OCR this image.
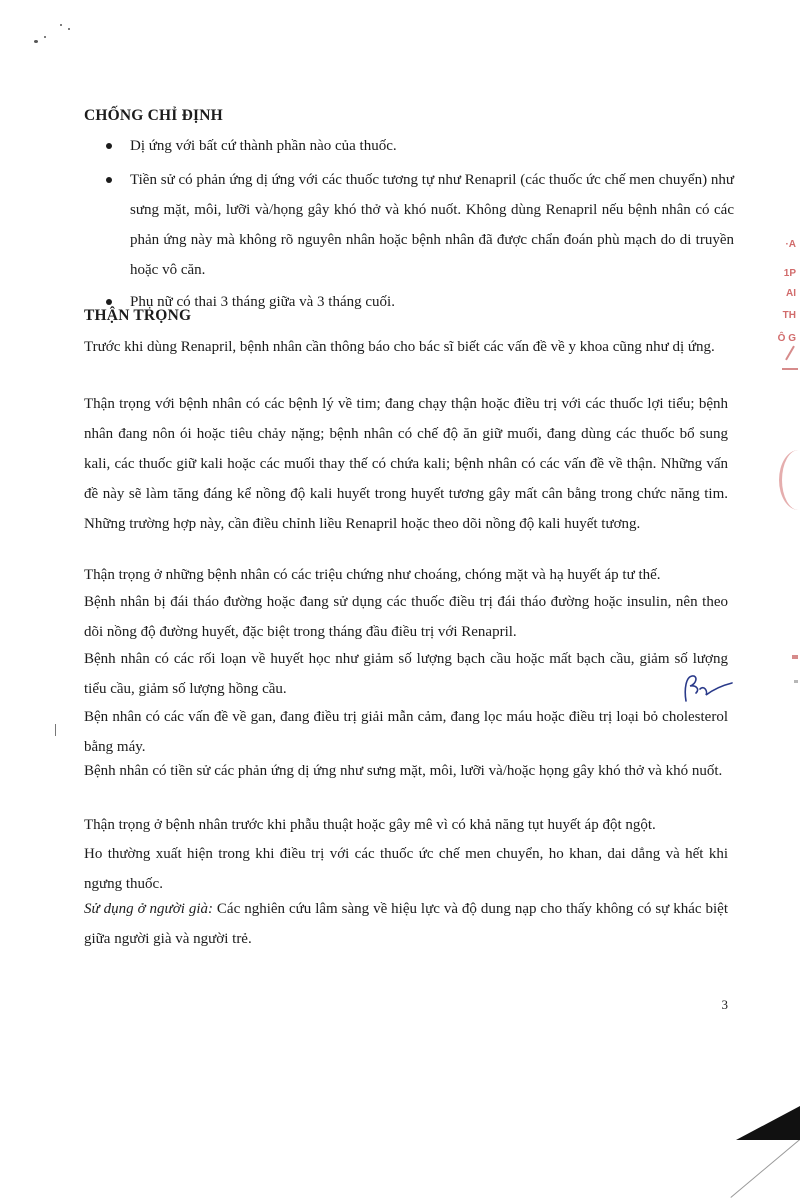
CHỐNG CHỈ ĐỊNH
Dị ứng với bất cứ thành phần nào của thuốc.
Tiền sử có phản ứng dị ứng với các thuốc tương tự như Renapril (các thuốc ức chế men chuyển) như sưng mặt, môi, lưỡi và/họng gây khó thở và khó nuốt. Không dùng Renapril nếu bệnh nhân có các phản ứng này mà không rõ nguyên nhân hoặc bệnh nhân đã được chẩn đoán phù mạch do di truyền hoặc vô căn.
Phụ nữ có thai 3 tháng giữa và 3 tháng cuối.
THẬN TRỌNG

Trước khi dùng Renapril, bệnh nhân cần thông báo cho bác sĩ biết các vấn đề về y khoa cũng như dị ứng.

Thận trọng với bệnh nhân có các bệnh lý về tim; đang chạy thận hoặc điều trị với các thuốc lợi tiểu; bệnh nhân đang nôn ói hoặc tiêu chảy nặng; bệnh nhân có chế độ ăn giữ muối, đang dùng các thuốc bổ sung kali, các thuốc giữ kali hoặc các muối thay thế có chứa kali; bệnh nhân có các vấn đề về thận. Những vấn đề này sẽ làm tăng đáng kể nồng độ kali huyết trong huyết tương gây mất cân bằng trong chức năng tim. Những trường hợp này, cần điều chỉnh liều Renapril hoặc theo dõi nồng độ kali huyết tương.

Thận trọng ở những bệnh nhân có các triệu chứng như choáng, chóng mặt và hạ huyết áp tư thế.

Bệnh nhân bị đái tháo đường hoặc đang sử dụng các thuốc điều trị đái tháo đường hoặc insulin, nên theo dõi nồng độ đường huyết, đặc biệt trong tháng đầu điều trị với Renapril.

Bệnh nhân có các rối loạn về huyết học như giảm số lượng bạch cầu hoặc mất bạch cầu, giảm số lượng tiểu cầu, giảm số lượng hồng cầu.

Bện nhân có các vấn đề về gan, đang điều trị giải mẫn cảm, đang lọc máu hoặc điều trị loại bỏ cholesterol bằng máy.

Bệnh nhân có tiền sử các phản ứng dị ứng như sưng mặt, môi, lưỡi và/hoặc họng gây khó thở và khó nuốt.

Thận trọng ở bệnh nhân trước khi phẫu thuật hoặc gây mê vì có khả năng tụt huyết áp đột ngột.

Ho thường xuất hiện trong khi điều trị với các thuốc ức chế men chuyển, ho khan, dai dẳng và hết khi ngưng thuốc.

Sử dụng ở người già: Các nghiên cứu lâm sàng về hiệu lực và độ dung nạp cho thấy không có sự khác biệt giữa người già và người trẻ.

·A
1P
AI
TH
Ô G
3
